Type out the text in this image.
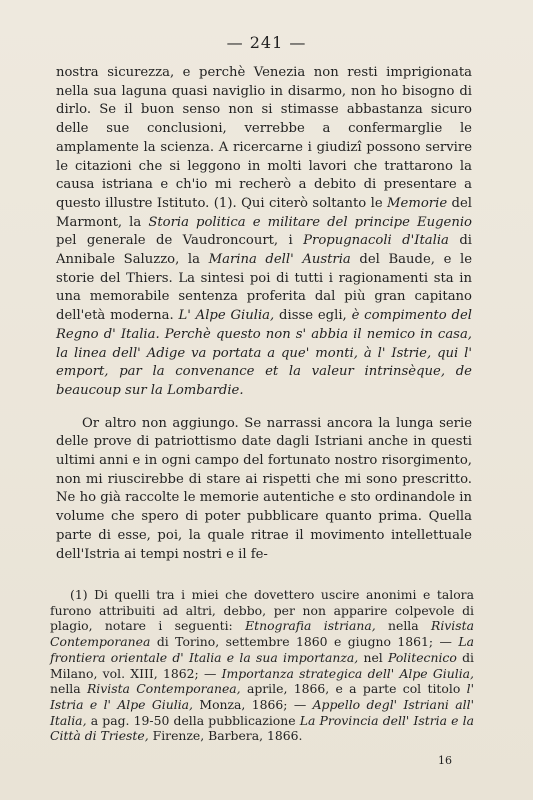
— 241 —

nostra sicurezza, e perchè Venezia non resti imprigionata nella sua laguna quasi naviglio in disarmo, non ho bisogno di dirlo. Se il buon senso non si stimasse abbastanza sicuro delle sue conclusioni, verrebbe a confermarglie le amplamente la scienza. A ricercarne i giudizî possono servire le citazioni che si leggono in molti lavori che trattarono la causa istriana e ch'io mi recherò a debito di presentare a questo illustre Istituto. (1). Qui citerò soltanto le Memorie del Marmont, la Storia politica e militare del principe Eugenio pel generale de Vaudroncourt, i Propugnacoli d'Italia di Annibale Saluzzo, la Marina dell' Austria del Baude, e le storie del Thiers. La sintesi poi di tutti i ragionamenti sta in una memorabile sentenza proferita dal più gran capitano dell'età moderna. L' Alpe Giulia, disse egli, è compimento del Regno d' Italia. Perchè questo non s' abbia il nemico in casa, la linea dell' Adige va portata a que' monti, à l' Istrie, qui l' emport, par la convenance et la valeur intrinsèque, de beaucoup sur la Lombardie.

Or altro non aggiungo. Se narrassi ancora la lunga serie delle prove di patriottismo date dagli Istriani anche in questi ultimi anni e in ogni campo del fortunato nostro risorgimento, non mi riuscirebbe di stare ai rispetti che mi sono prescritto. Ne ho già raccolte le memorie autentiche e sto ordinandole in volume che spero di poter pubblicare quanto prima. Quella parte di esse, poi, la quale ritrae il movimento intellettuale dell'Istria ai tempi nostri e il fe-

(1) Di quelli tra i miei che dovettero uscire anonimi e talora furono attribuiti ad altri, debbo, per non apparire colpevole di plagio, notare i seguenti: Etnografia istriana, nella Rivista Contemporanea di Torino, settembre 1860 e giugno 1861; — La frontiera orientale d' Italia e la sua importanza, nel Politecnico di Milano, vol. XIII, 1862; — Importanza strategica dell' Alpe Giulia, nella Rivista Contemporanea, aprile, 1866, e a parte col titolo l' Istria e l' Alpe Giulia, Monza, 1866; — Appello degl' Istriani all' Italia, a pag. 19-50 della pubblicazione La Provincia dell' Istria e la Città di Trieste, Firenze, Barbera, 1866.

16
